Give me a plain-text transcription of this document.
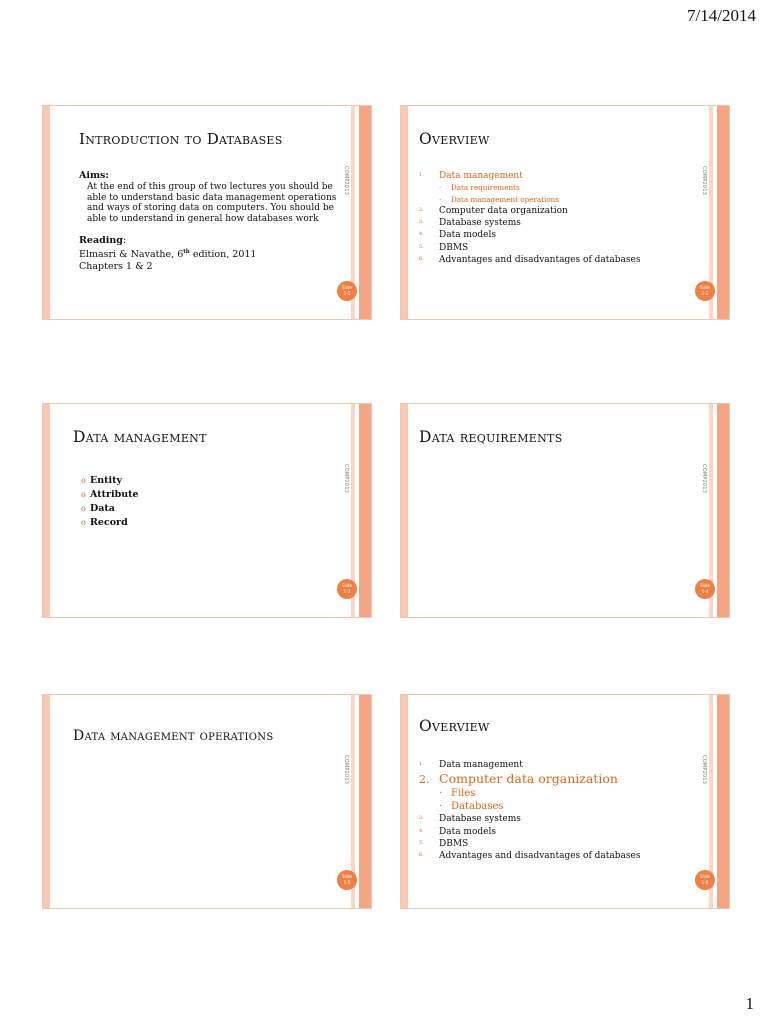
7/14/2014
Introduction to Databases
Aims:
At the end of this group of two lectures you should be able to understand basic data management operations and ways of storing data on computers. You should be able to understand in general how databases work
Reading:
Elmasri & Navathe, 6th edition, 2011
Chapters 1 & 2
COMP2013
Slide
1-1
Overview
1. Data management
· Data requirements
· Data management operations
2. Computer data organization
3. Database systems
4. Data models
5. DBMS
6. Advantages and disadvantages of databases
COMP2013
Slide
1-2
Data management
o Entity
o Attribute
o Data
o Record
COMP2013
Slide
1-3
Data requirements
COMP2013
Slide
1-4
Data management operations
COMP2013
Slide
1-5
Overview
1. Data management
2. Computer data organization
· Files
· Databases
3. Database systems
4. Data models
5. DBMS
6. Advantages and disadvantages of databases
COMP2013
Slide
1-6
1
